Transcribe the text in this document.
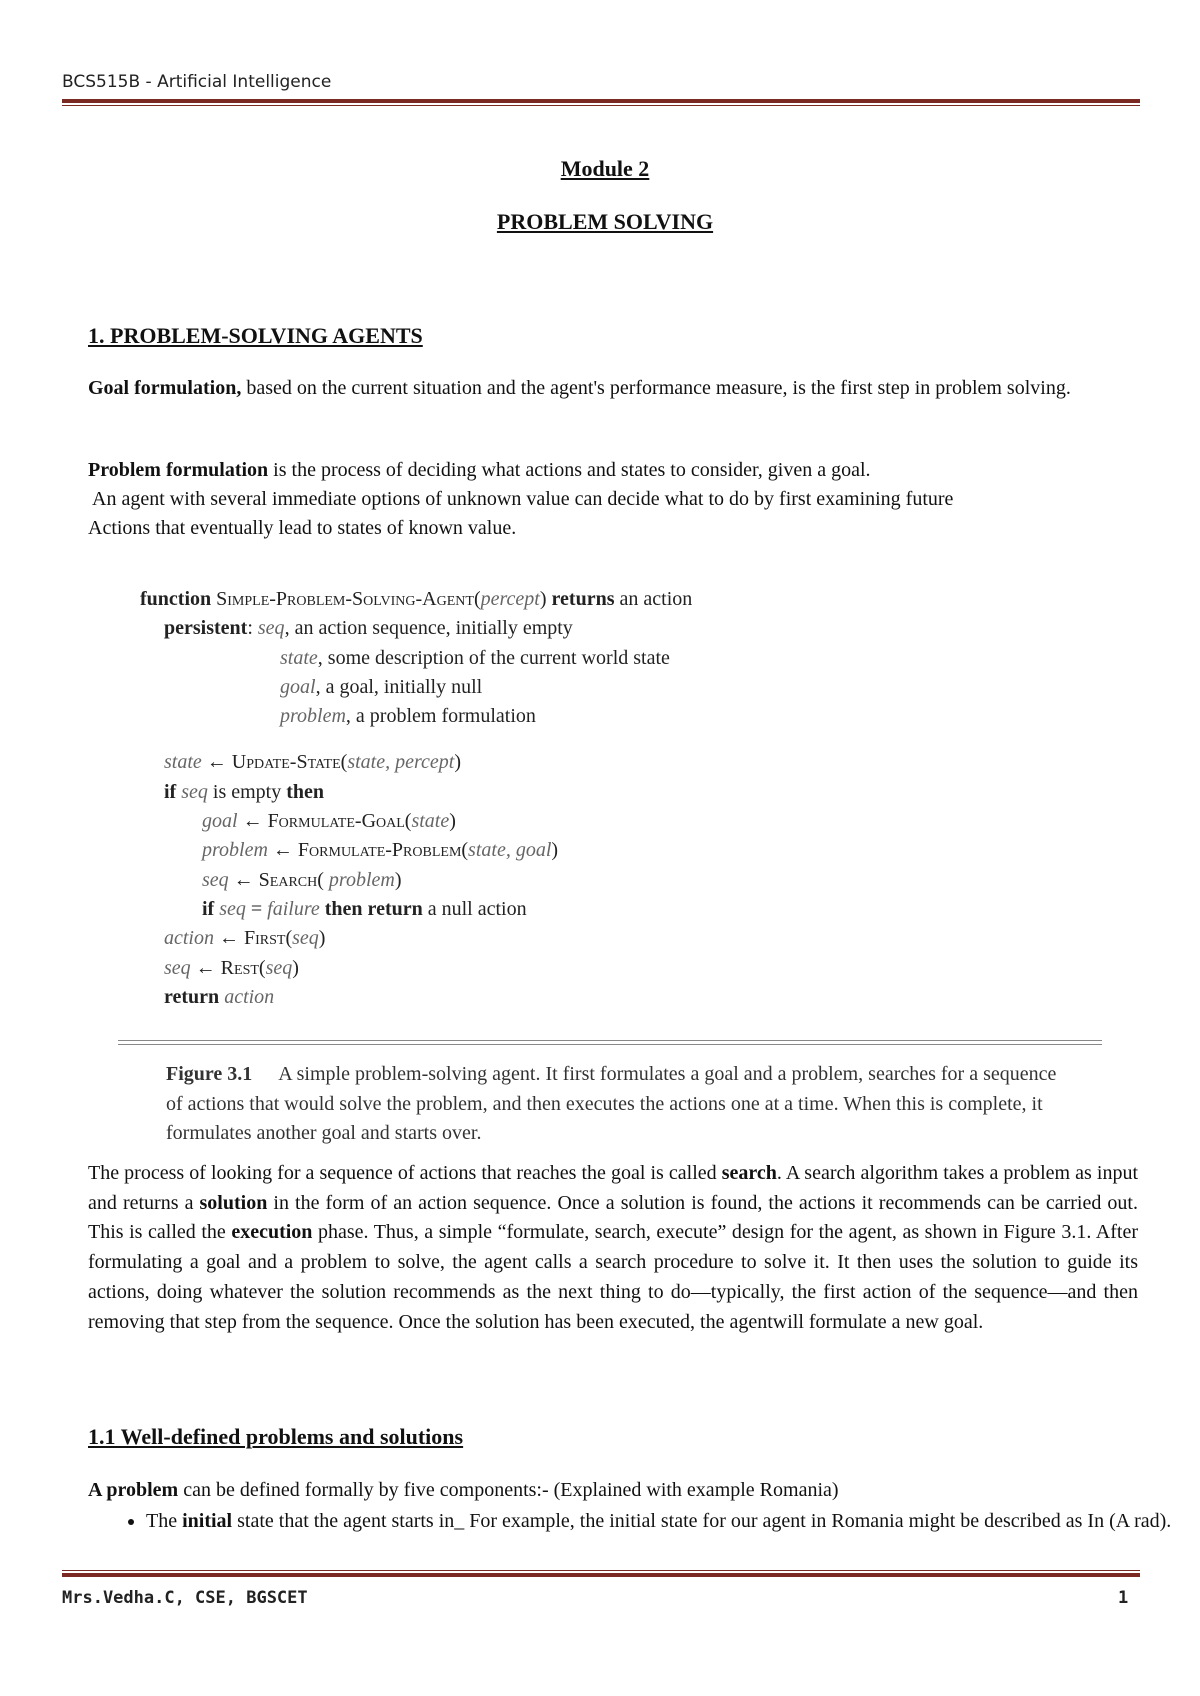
BCS515B - Artificial Intelligence
Module 2
PROBLEM SOLVING
1. PROBLEM-SOLVING AGENTS
Goal formulation, based on the current situation and the agent's performance measure, is the first step in problem solving.
Problem formulation is the process of deciding what actions and states to consider, given a goal.
An agent with several immediate options of unknown value can decide what to do by first examining future
Actions that eventually lead to states of known value.
function Simple-Problem-Solving-Agent(percept) returns an action
persistent: seq, an action sequence, initially empty
state, some description of the current world state
goal, a goal, initially null
problem, a problem formulation
state ← Update-State(state, percept)
if seq is empty then
goal ← Formulate-Goal(state)
problem ← Formulate-Problem(state, goal)
seq ← Search( problem)
if seq = failure then return a null action
action ← First(seq)
seq ← Rest(seq)
return action
Figure 3.1 A simple problem-solving agent. It first formulates a goal and a problem, searches for a sequence of actions that would solve the problem, and then executes the actions one at a time. When this is complete, it formulates another goal and starts over.
The process of looking for a sequence of actions that reaches the goal is called search. A search algorithm takes a problem as input and returns a solution in the form of an action sequence. Once a solution is found, the actions it recommends can be carried out. This is called the execution phase. Thus, a simple “formulate, search, execute” design for the agent, as shown in Figure 3.1. After formulating a goal and a problem to solve, the agent calls a search procedure to solve it. It then uses the solution to guide its actions, doing whatever the solution recommends as the next thing to do—typically, the first action of the sequence—and then removing that step from the sequence. Once the solution has been executed, the agentwill formulate a new goal.
1.1 Well-defined problems and solutions
A problem can be defined formally by five components:- (Explained with example Romania)
• The initial state that the agent starts in_ For example, the initial state for our agent in Romania might be described as In (A rad).
Mrs.Vedha.C, CSE, BGSCET	1
